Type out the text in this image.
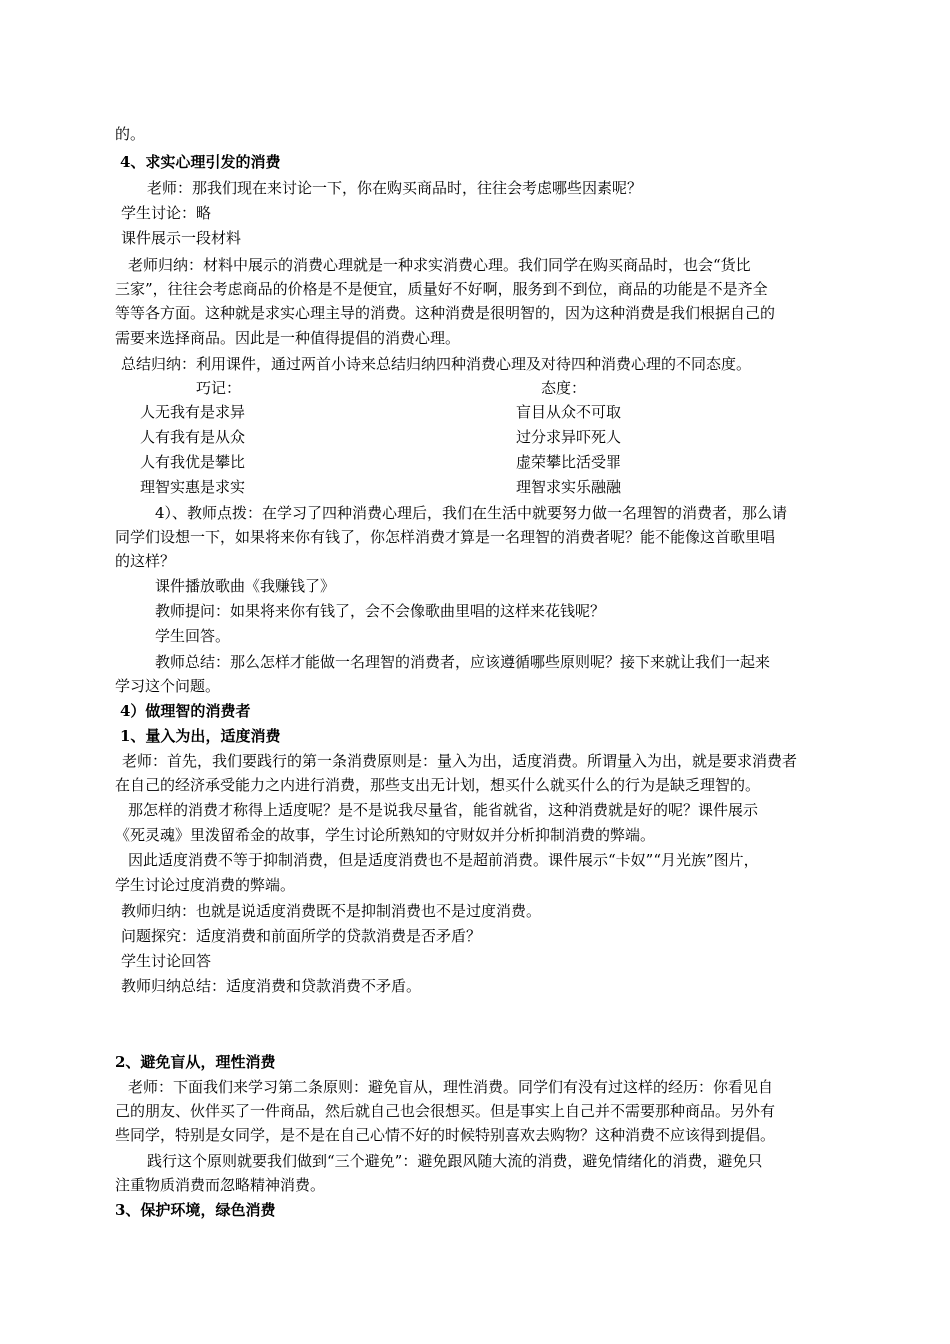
的。
4、求实心理引发的消费
老师：那我们现在来讨论一下，你在购买商品时，往往会考虑哪些因素呢？
学生讨论：略
课件展示一段材料
老师归纳：材料中展示的消费心理就是一种求实消费心理。我们同学在购买商品时，也会“货比
三家”，往往会考虑商品的价格是不是便宜，质量好不好啊，服务到不到位，商品的功能是不是齐全
等等各方面。这种就是求实心理主导的消费。这种消费是很明智的，因为这种消费是我们根据自己的
需要来选择商品。因此是一种值得提倡的消费心理。
总结归纳：利用课件，通过两首小诗来总结归纳四种消费心理及对待四种消费心理的不同态度。
巧记：	态度：
人无我有是求异
人有我有是从众
人有我优是攀比
理智实惠是求实
盲目从众不可取
过分求异吓死人
虚荣攀比活受罪
理智求实乐融融
4）、教师点拨：在学习了四种消费心理后，我们在生活中就要努力做一名理智的消费者，那么请
同学们设想一下，如果将来你有钱了，你怎样消费才算是一名理智的消费者呢？能不能像这首歌里唱
的这样？
课件播放歌曲《我赚钱了》
教师提问：如果将来你有钱了，会不会像歌曲里唱的这样来花钱呢？
学生回答。
教师总结：那么怎样才能做一名理智的消费者，应该遵循哪些原则呢？接下来就让我们一起来
学习这个问题。
4）做理智的消费者
1、量入为出，适度消费
老师：首先，我们要践行的第一条消费原则是：量入为出，适度消费。所谓量入为出，就是要求消费者
在自己的经济承受能力之内进行消费，那些支出无计划，想买什么就买什么的行为是缺乏理智的。
那怎样的消费才称得上适度呢？是不是说我尽量省，能省就省，这种消费就是好的呢？课件展示
《死灵魂》里泼留希金的故事，学生讨论所熟知的守财奴并分析抑制消费的弊端。
因此适度消费不等于抑制消费，但是适度消费也不是超前消费。课件展示“卡奴”“月光族”图片，
学生讨论过度消费的弊端。
教师归纳：也就是说适度消费既不是抑制消费也不是过度消费。
问题探究：适度消费和前面所学的贷款消费是否矛盾？
学生讨论回答
教师归纳总结：适度消费和贷款消费不矛盾。
2、避免盲从，理性消费
老师：下面我们来学习第二条原则：避免盲从，理性消费。同学们有没有过这样的经历：你看见自
己的朋友、伙伴买了一件商品，然后就自己也会很想买。但是事实上自己并不需要那种商品。另外有
些同学，特别是女同学，是不是在自己心情不好的时候特别喜欢去购物？这种消费不应该得到提倡。
践行这个原则就要我们做到“三个避免”：避免跟风随大流的消费，避免情绪化的消费，避免只
注重物质消费而忽略精神消费。
3、保护环境，绿色消费
